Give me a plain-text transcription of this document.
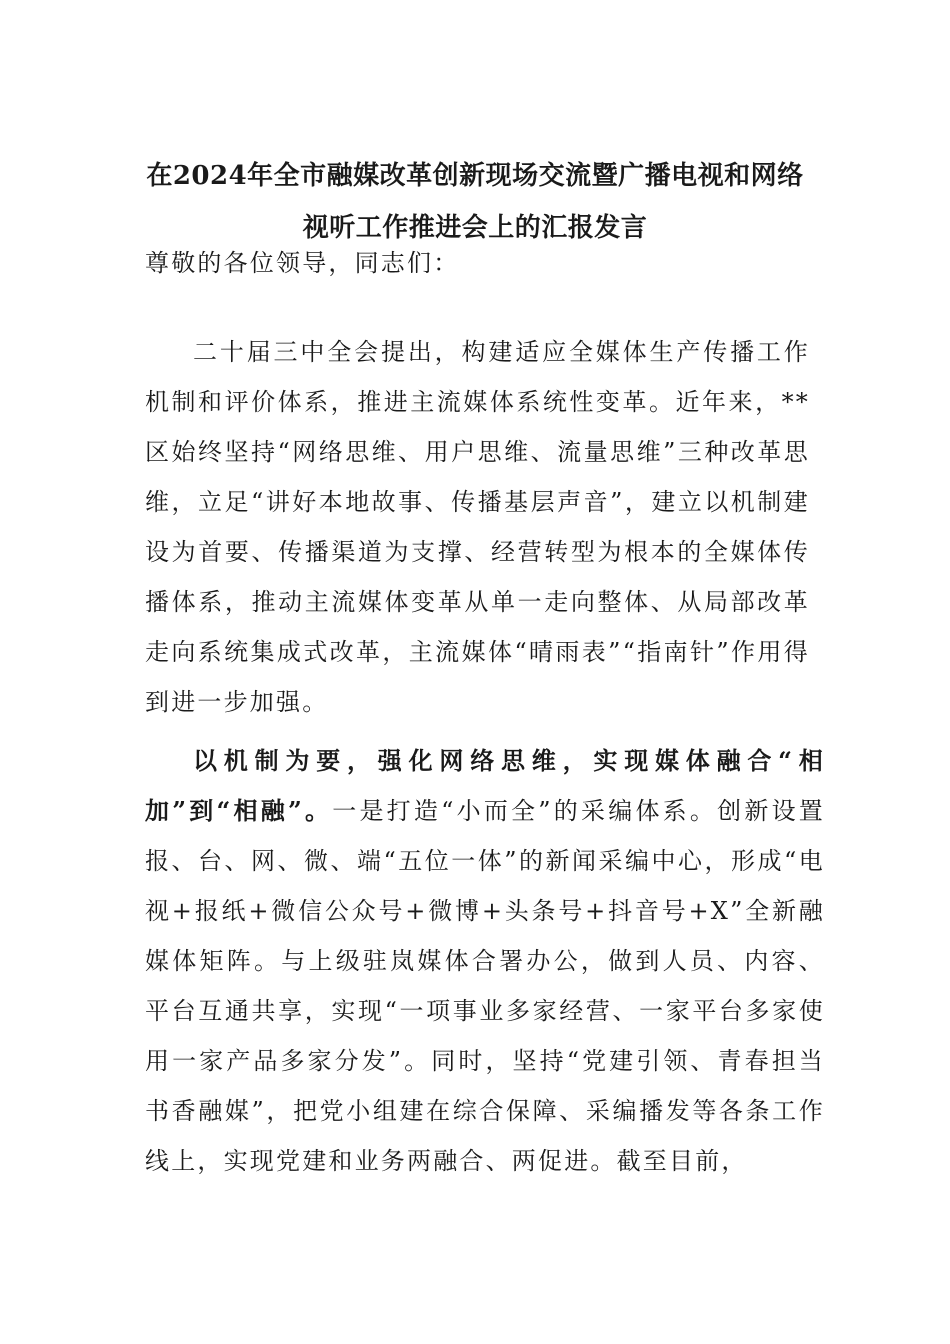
在2024年全市融媒改革创新现场交流暨广播电视和网络视听工作推进会上的汇报发言

尊敬的各位领导，同志们：

二十届三中全会提出，构建适应全媒体生产传播工作机制和评价体系，推进主流媒体系统性变革。近年来，**区始终坚持“网络思维、用户思维、流量思维”三种改革思维，立足“讲好本地故事、传播基层声音”，建立以机制建设为首要、传播渠道为支撑、经营转型为根本的全媒体传播体系，推动主流媒体变革从单一走向整体、从局部改革走向系统集成式改革，主流媒体“晴雨表”“指南针”作用得到进一步加强。

以机制为要，强化网络思维，实现媒体融合“相加”到“相融”。一是打造“小而全”的采编体系。创新设置报、台、网、微、端“五位一体”的新闻采编中心，形成“电视+报纸+微信公众号+微博+头条号+抖音号+X”全新融媒体矩阵。与上级驻岚媒体合署办公，做到人员、内容、平台互通共享，实现“一项事业多家经营、一家平台多家使用一家产品多家分发”。同时，坚持“党建引领、青春担当书香融媒”，把党小组建在综合保障、采编播发等各条工作线上，实现党建和业务两融合、两促进。截至目前，
